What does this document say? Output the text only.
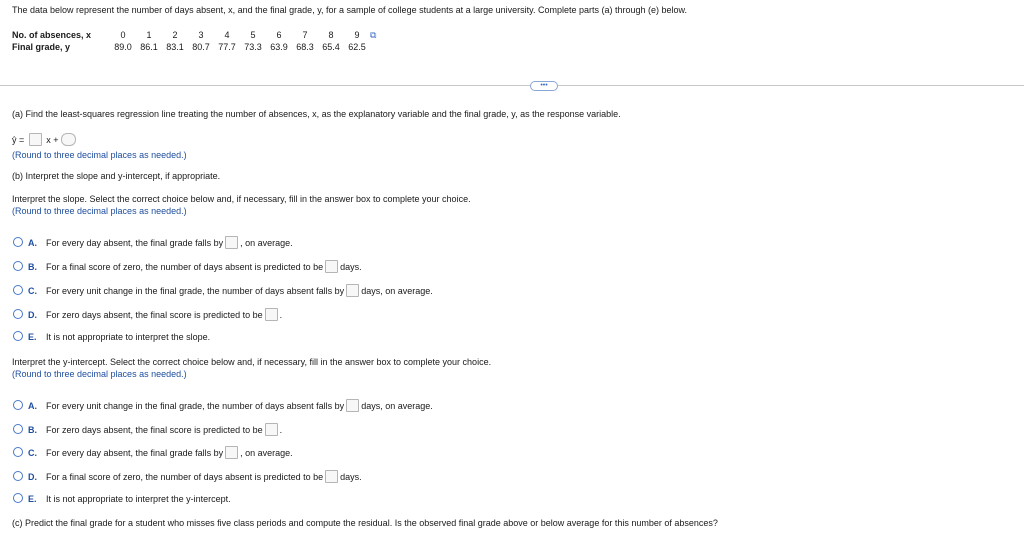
The data below represent the number of days absent, x, and the final grade, y, for a sample of college students at a large university. Complete parts (a) through (e) below.
No. of absences, x	0	1	2	3	4	5	6	7	8	9	⧉
Final grade, y	89.0	86.1	83.1	80.7	77.7	73.3	63.9	68.3	65.4	62.5	
•••
(a) Find the least-squares regression line treating the number of absences, x, as the explanatory variable and the final grade, y, as the response variable.
ŷ = x +
(Round to three decimal places as needed.)
(b) Interpret the slope and y-intercept, if appropriate.
Interpret the slope. Select the correct choice below and, if necessary, fill in the answer box to complete your choice.
(Round to three decimal places as needed.)
A. For every day absent, the final grade falls by , on average.
B. For a final score of zero, the number of days absent is predicted to be days.
C. For every unit change in the final grade, the number of days absent falls by days, on average.
D. For zero days absent, the final score is predicted to be .
E. It is not appropriate to interpret the slope.
Interpret the y-intercept. Select the correct choice below and, if necessary, fill in the answer box to complete your choice.
(Round to three decimal places as needed.)
A. For every unit change in the final grade, the number of days absent falls by days, on average.
B. For zero days absent, the final score is predicted to be .
C. For every day absent, the final grade falls by , on average.
D. For a final score of zero, the number of days absent is predicted to be days.
E. It is not appropriate to interpret the y-intercept.
(c) Predict the final grade for a student who misses five class periods and compute the residual. Is the observed final grade above or below average for this number of absences?
